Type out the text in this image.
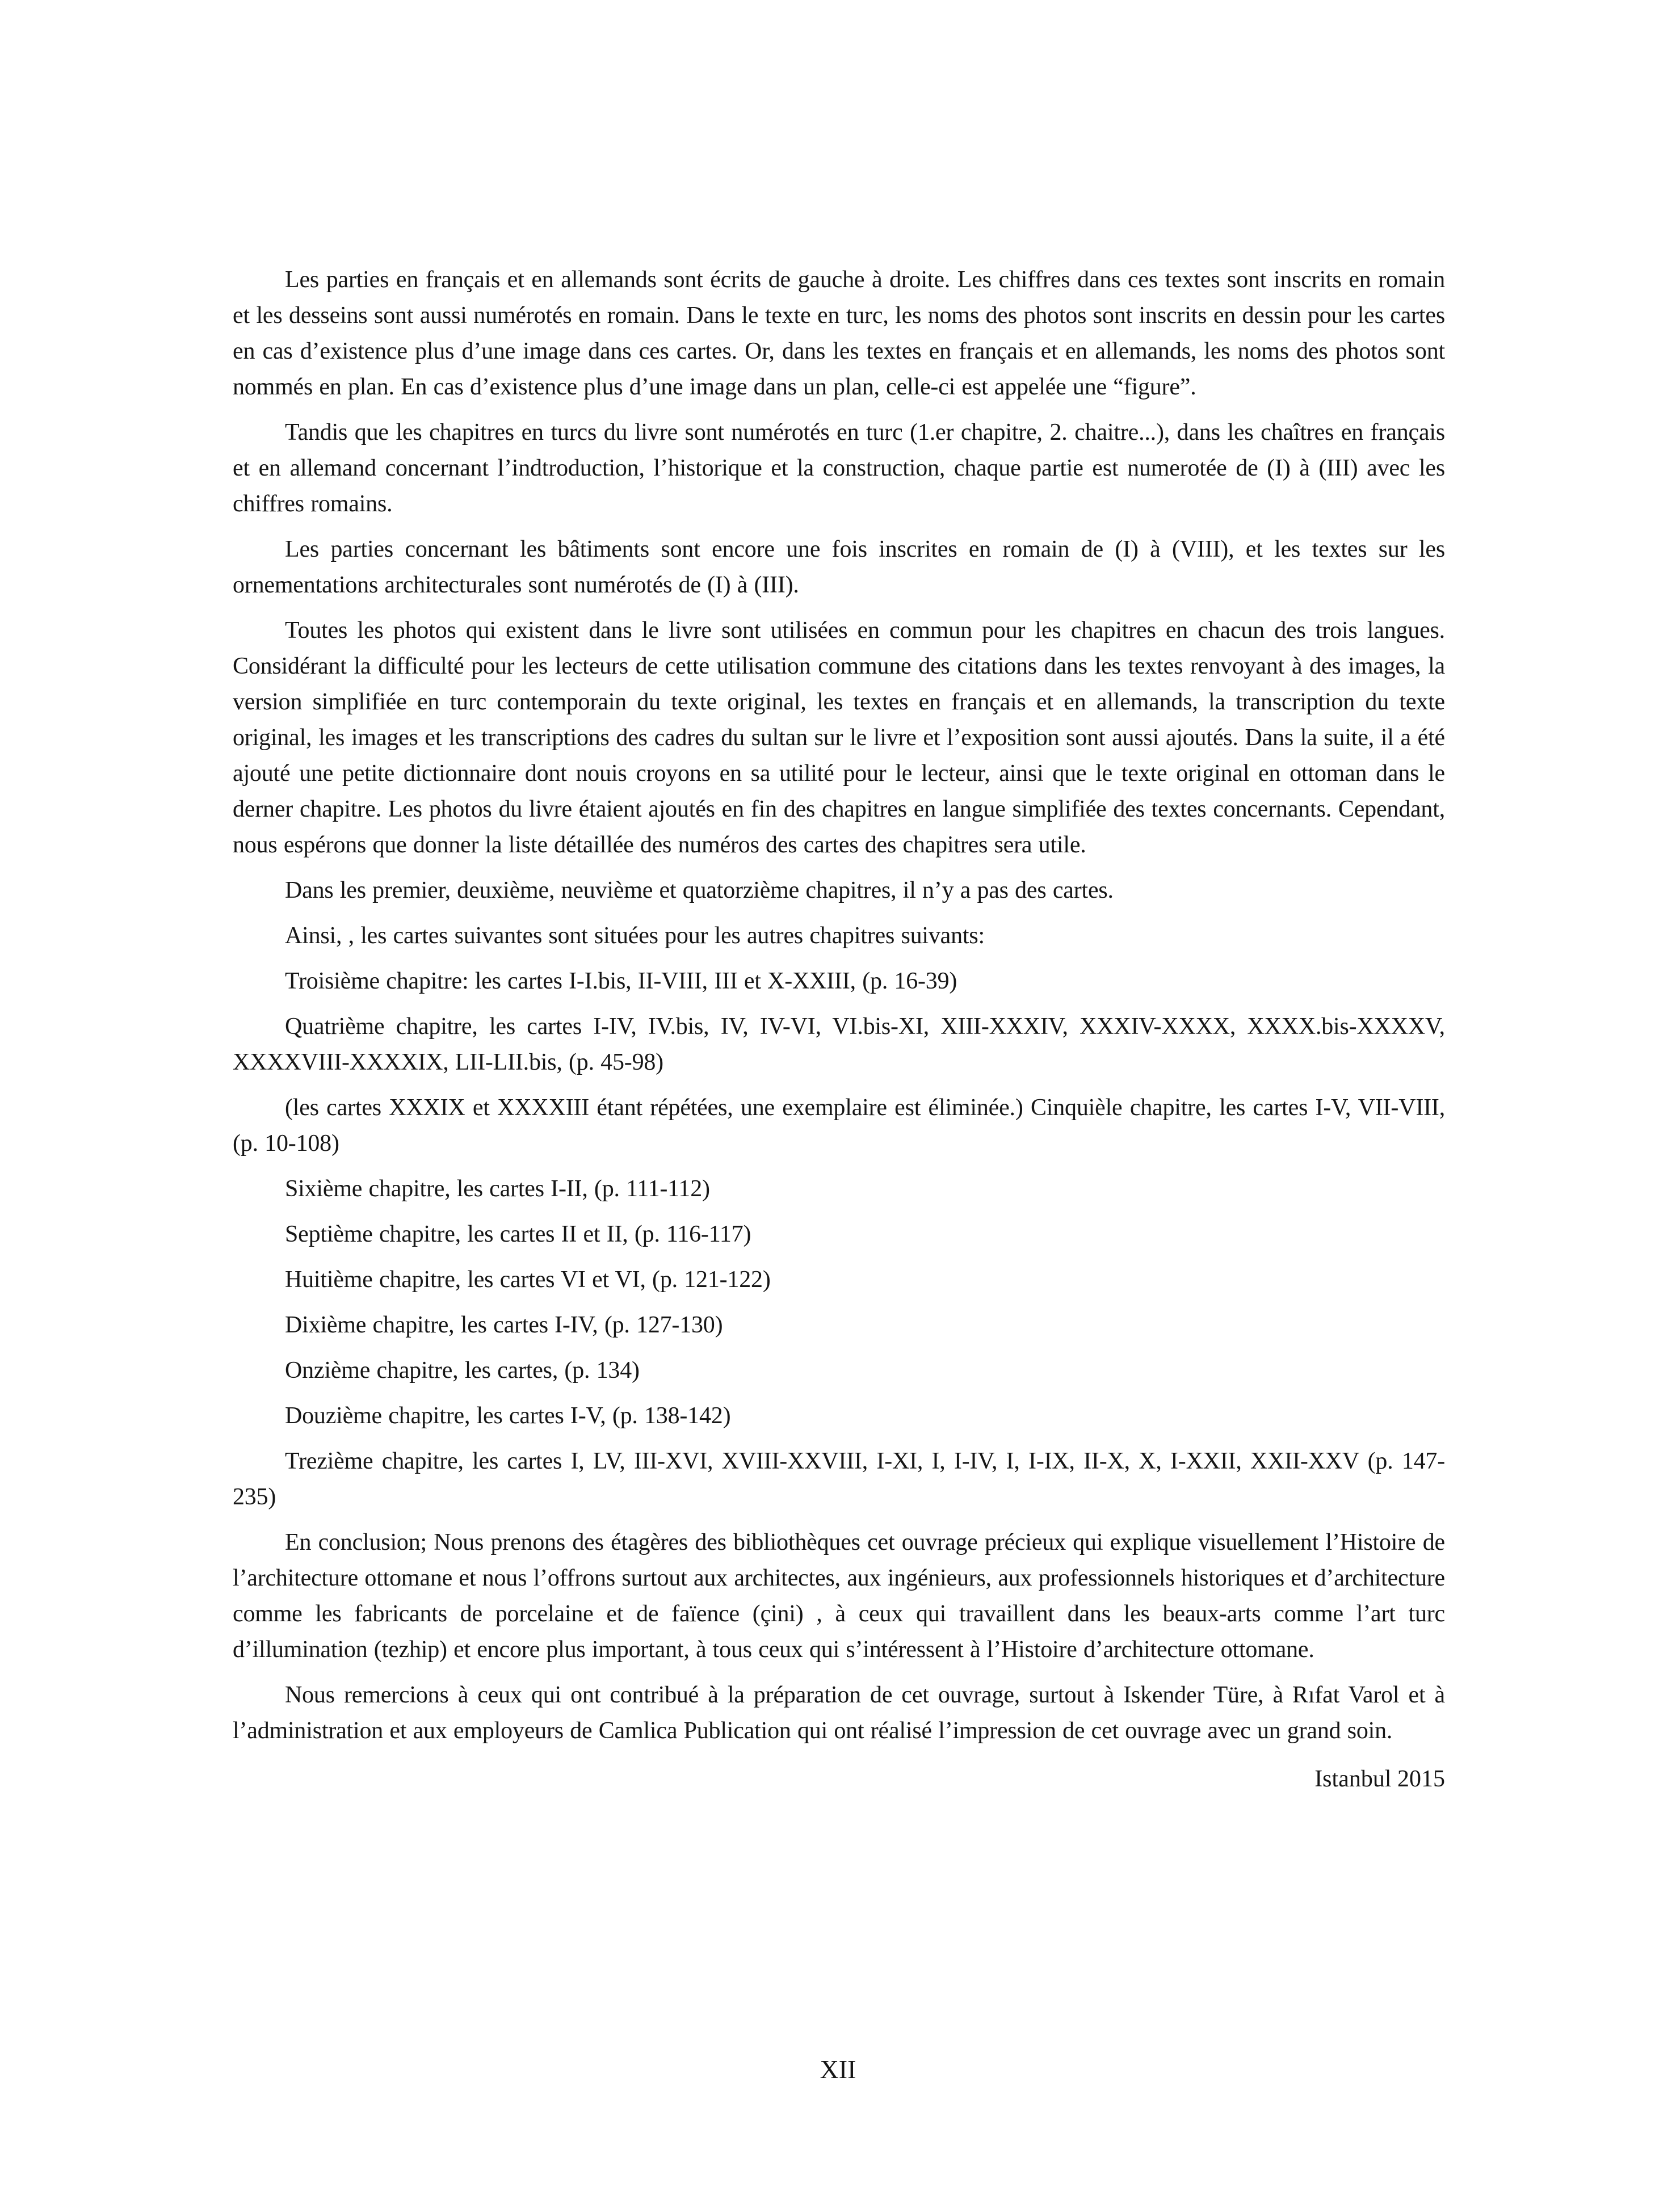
Les parties en français et en allemands sont écrits de gauche à droite. Les chiffres dans ces textes sont inscrits en romain et les desseins sont aussi numérotés en romain. Dans le texte en turc, les noms des photos sont inscrits en dessin pour les cartes en cas d’existence plus d’une image dans ces cartes. Or, dans les textes en français et en allemands, les noms des photos sont nommés en plan. En cas d’existence plus d’une image dans un plan, celle-ci est appelée une “figure”.

Tandis que les chapitres en turcs du livre sont numérotés en turc (1.er chapitre, 2. chaitre...), dans les chaîtres en français et en allemand concernant l’indtroduction, l’historique et la construction, chaque partie est numerotée de (I) à (III) avec les chiffres romains.

Les parties concernant les bâtiments sont encore une fois inscrites en romain de (I) à (VIII), et les textes sur les ornementations architecturales sont numérotés de (I) à (III).

Toutes les photos qui existent dans le livre sont utilisées en commun pour les chapitres en chacun des trois langues. Considérant la difficulté pour les lecteurs de cette utilisation commune des citations dans les textes renvoyant à des images, la version simplifiée en turc contemporain du texte original, les textes en français et en allemands, la transcription du texte original, les images et les transcriptions des cadres du sultan sur le livre et l’exposition sont aussi ajoutés. Dans la suite, il a été ajouté une petite dictionnaire dont nouis croyons en sa utilité pour le lecteur, ainsi que le texte original en ottoman dans le derner chapitre. Les photos du livre étaient ajoutés en fin des chapitres en langue simplifiée des textes concernants. Cependant, nous espérons que donner la liste détaillée des numéros des cartes des chapitres sera utile.

Dans les premier, deuxième, neuvième et quatorzième chapitres, il n’y a pas des cartes.

Ainsi, , les cartes suivantes sont situées pour les autres chapitres suivants:

Troisième chapitre: les cartes I-I.bis, II-VIII, III et X-XXIII, (p. 16-39)

Quatrième chapitre, les cartes I-IV, IV.bis, IV, IV-VI, VI.bis-XI, XIII-XXXIV, XXXIV-XXXX, XXXX.bis-XXXXV, XXXXVIII-XXXXIX, LII-LII.bis, (p. 45-98)

(les cartes XXXIX et XXXXIII étant répétées, une exemplaire est éliminée.) Cinquièle chapitre, les cartes I-V, VII-VIII, (p. 10-108)

Sixième chapitre, les cartes I-II, (p. 111-112)

Septième chapitre, les cartes II et II, (p. 116-117)

Huitième chapitre, les cartes VI et VI, (p. 121-122)

Dixième chapitre, les cartes I-IV, (p. 127-130)

Onzième chapitre, les cartes, (p. 134)

Douzième chapitre, les cartes I-V, (p. 138-142)

Trezième chapitre, les cartes I, LV, III-XVI, XVIII-XXVIII, I-XI, I, I-IV, I, I-IX, II-X, X, I-XXII, XXII-XXV (p. 147-235)

En conclusion; Nous prenons des étagères des bibliothèques cet ouvrage précieux qui explique visuellement l’Histoire de l’architecture ottomane et nous l’offrons surtout aux architectes, aux ingénieurs, aux professionnels historiques et d’architecture comme les fabricants de porcelaine et de faïence (çini) , à ceux qui travaillent dans les beaux-arts comme l’art turc d’illumination (tezhip) et encore plus important, à tous ceux qui s’intéressent à l’Histoire d’architecture ottomane.

Nous remercions à ceux qui ont contribué à la préparation de cet ouvrage, surtout à Iskender Türe, à Rıfat Varol et à l’administration et aux employeurs de Camlica Publication qui ont réalisé l’impression de cet ouvrage avec un grand soin.

Istanbul 2015

XII
